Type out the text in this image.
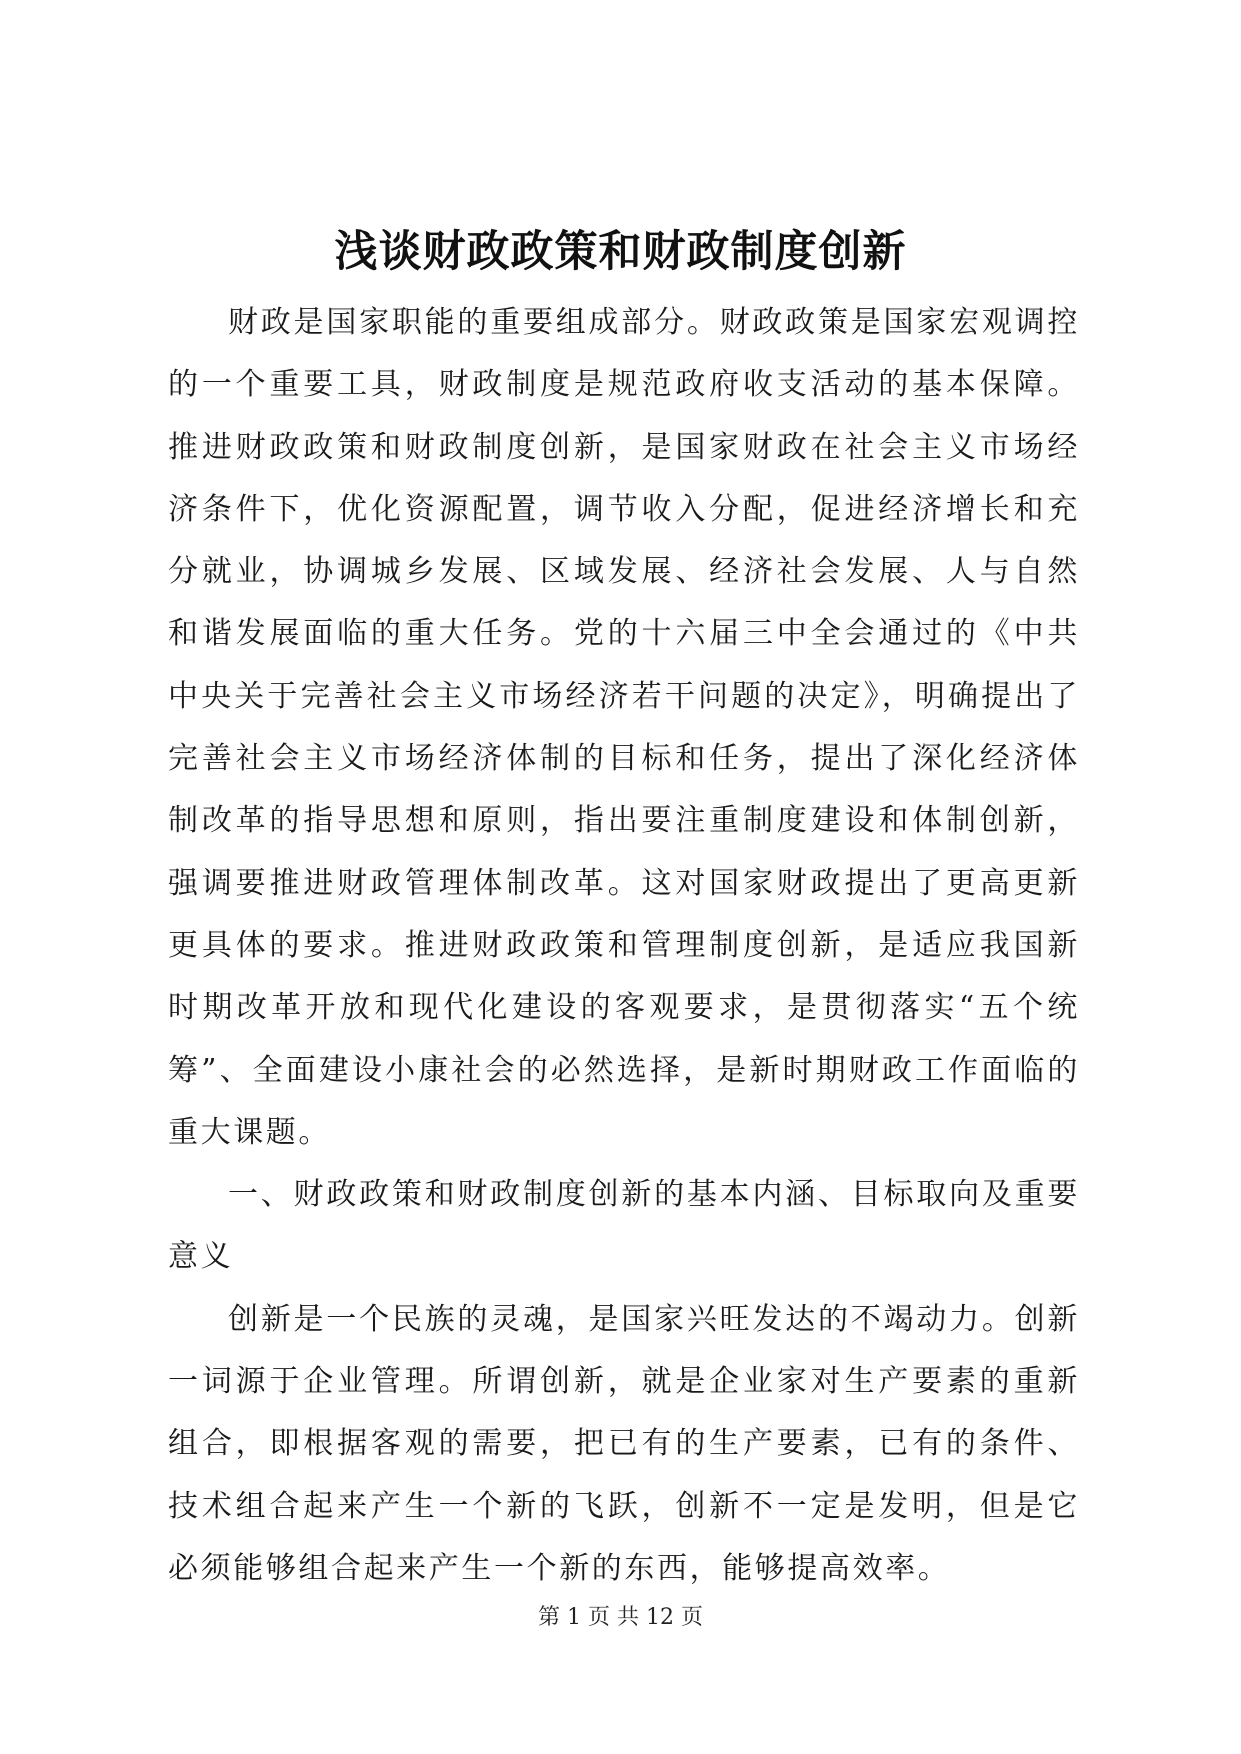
浅谈财政政策和财政制度创新

财政是国家职能的重要组成部分。财政政策是国家宏观调控的一个重要工具，财政制度是规范政府收支活动的基本保障。推进财政政策和财政制度创新，是国家财政在社会主义市场经济条件下，优化资源配置，调节收入分配，促进经济增长和充分就业，协调城乡发展、区域发展、经济社会发展、人与自然和谐发展面临的重大任务。党的十六届三中全会通过的《中共中央关于完善社会主义市场经济若干问题的决定》，明确提出了完善社会主义市场经济体制的目标和任务，提出了深化经济体制改革的指导思想和原则，指出要注重制度建设和体制创新，强调要推进财政管理体制改革。这对国家财政提出了更高更新更具体的要求。推进财政政策和管理制度创新，是适应我国新时期改革开放和现代化建设的客观要求，是贯彻落实“五个统筹”、全面建设小康社会的必然选择，是新时期财政工作面临的重大课题。

一、财政政策和财政制度创新的基本内涵、目标取向及重要意义

创新是一个民族的灵魂，是国家兴旺发达的不竭动力。创新一词源于企业管理。所谓创新，就是企业家对生产要素的重新组合，即根据客观的需要，把已有的生产要素，已有的条件、技术组合起来产生一个新的飞跃，创新不一定是发明，但是它必须能够组合起来产生一个新的东西，能够提高效率。

第 1 页 共 12 页
